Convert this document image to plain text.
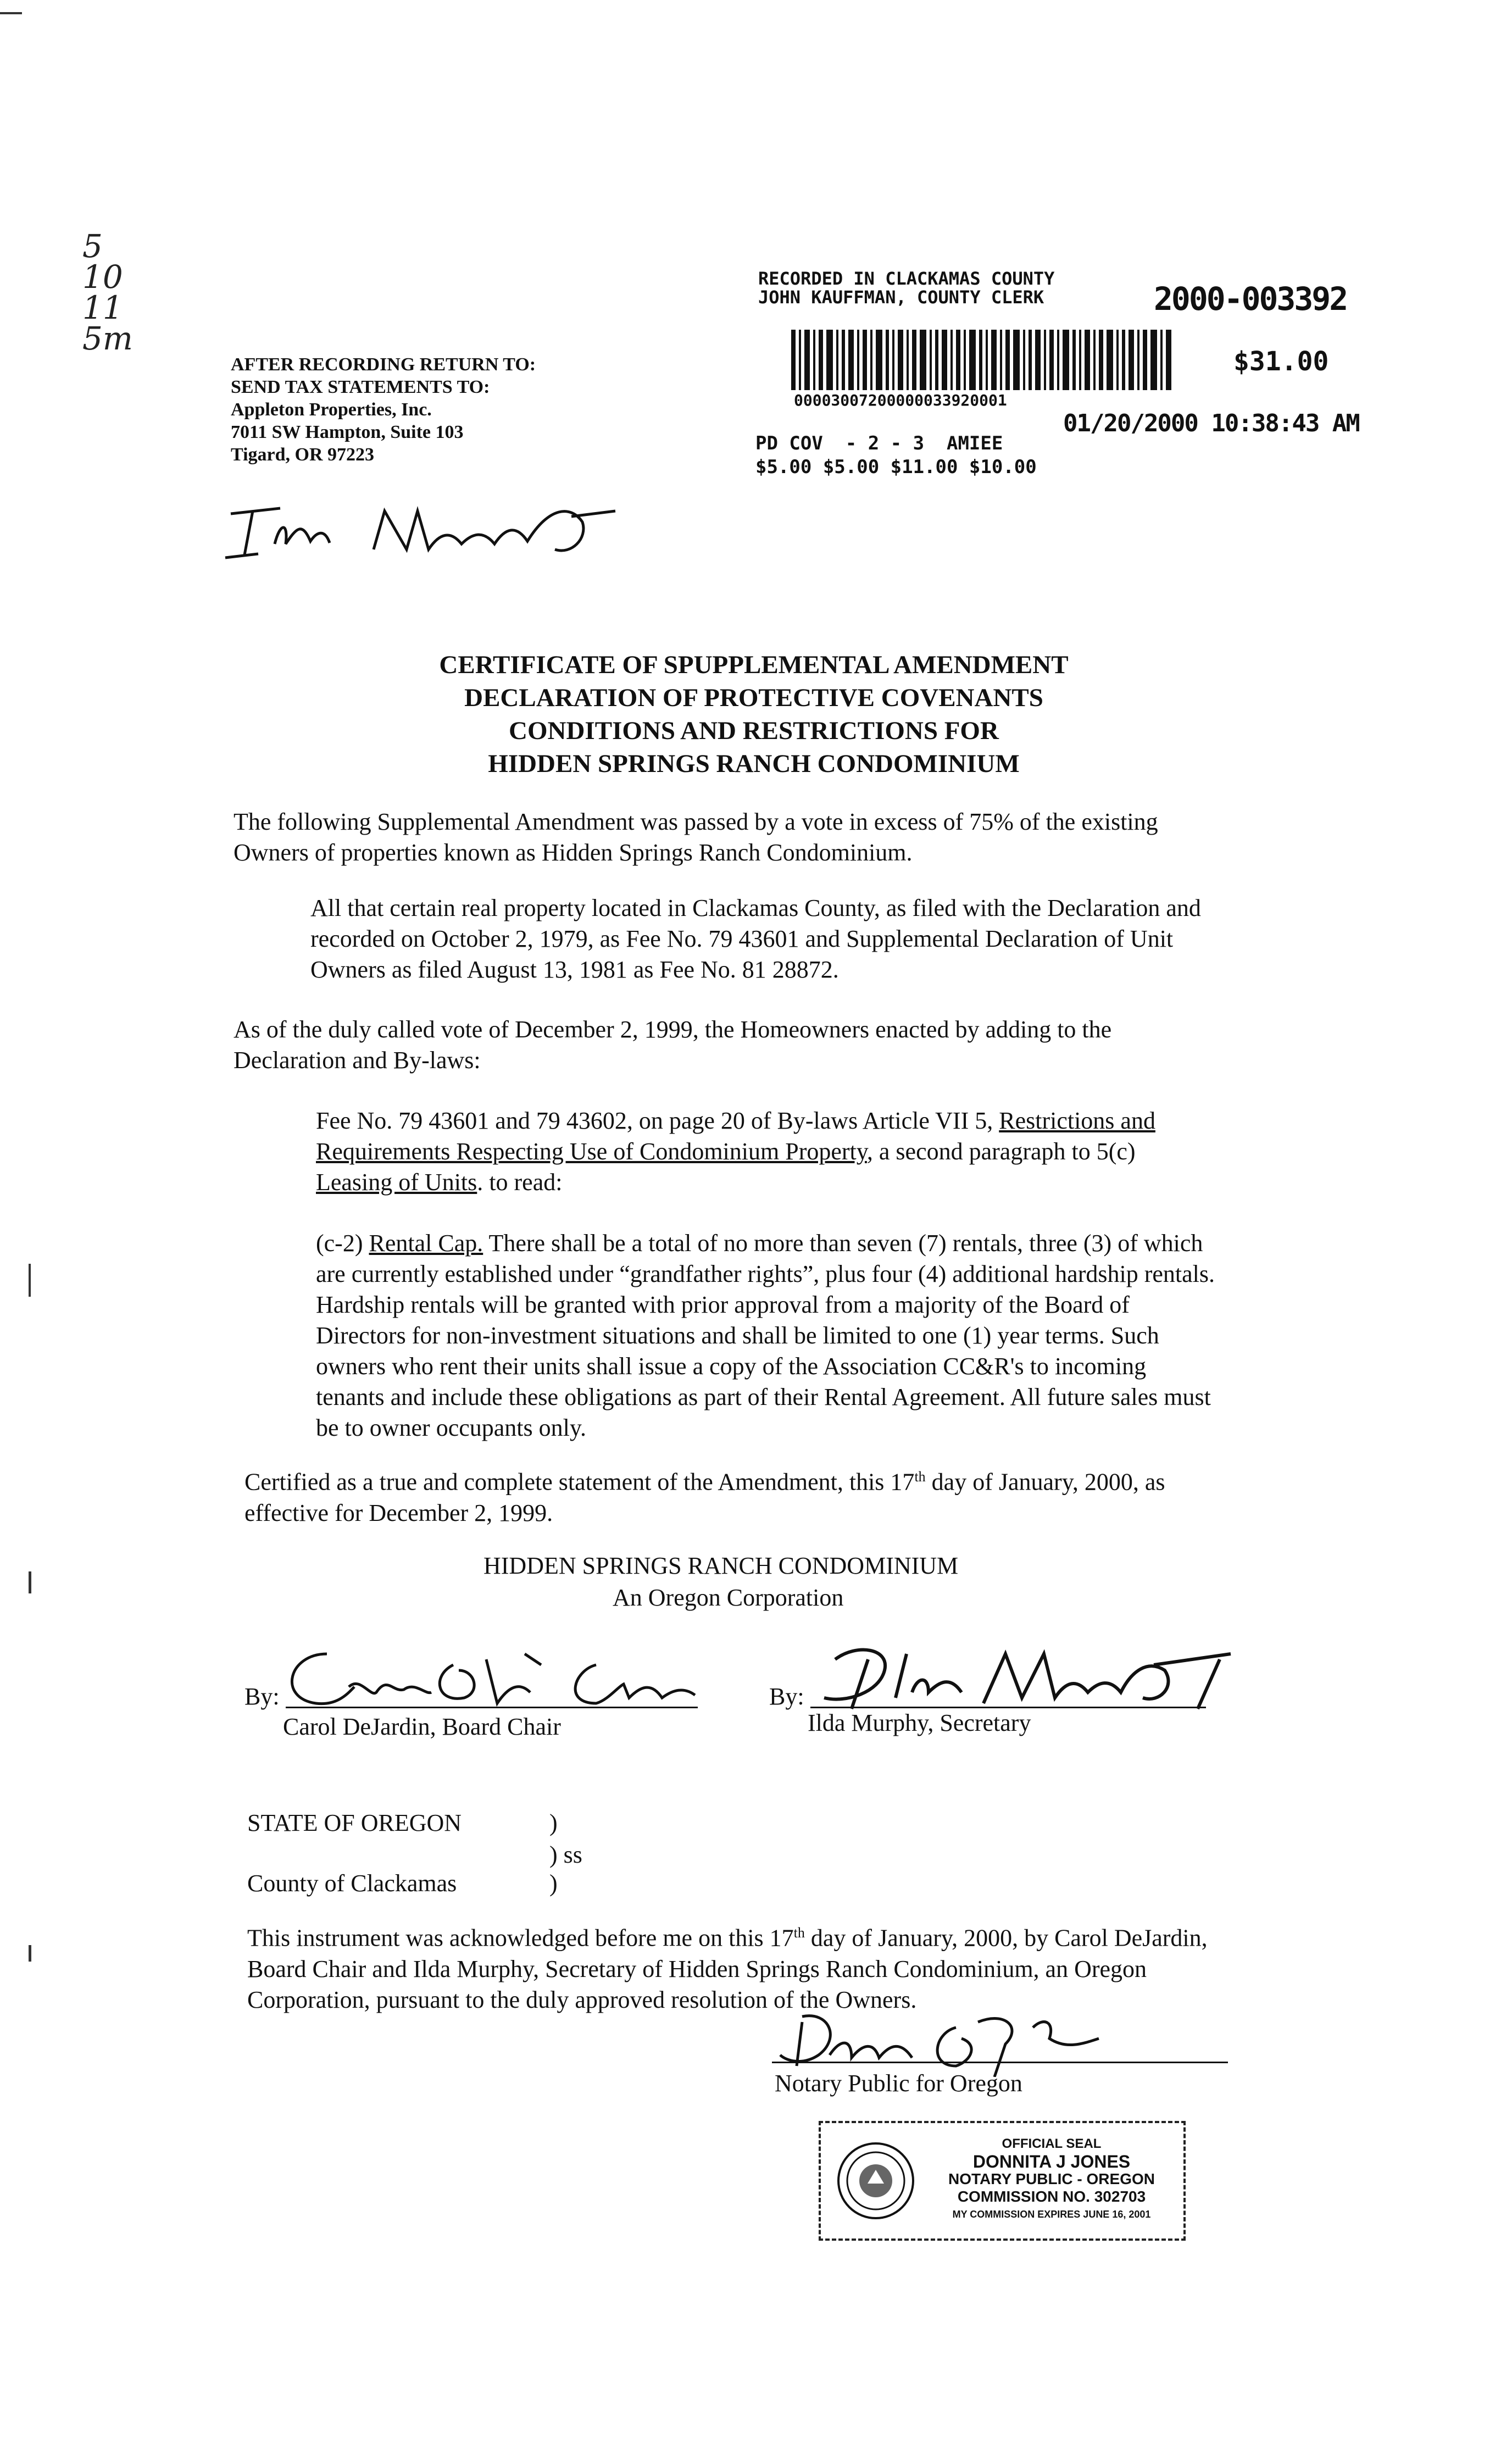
5
10
11
5m
AFTER RECORDING RETURN TO:
SEND TAX STATEMENTS TO:
Appleton Properties, Inc.
7011 SW Hampton, Suite 103
Tigard, OR 97223
RECORDED IN CLACKAMAS COUNTY
JOHN KAUFFMAN, COUNTY CLERK	2000-003392
00003007200000033920001
$31.00
01/20/2000 10:38:43 AM
PD COV  - 2 - 3  AMIEE
$5.00 $5.00 $11.00 $10.00
CERTIFICATE OF SPUPPLEMENTAL AMENDMENT
DECLARATION OF PROTECTIVE COVENANTS
CONDITIONS AND RESTRICTIONS FOR
HIDDEN SPRINGS RANCH CONDOMINIUM
The following Supplemental Amendment was passed by a vote in excess of 75% of the existing Owners of properties known as Hidden Springs Ranch Condominium.
All that certain real property located in Clackamas County, as filed with the Declaration and recorded on October 2, 1979, as Fee No. 79 43601 and Supplemental Declaration of Unit Owners as filed August 13, 1981 as Fee No. 81 28872.
As of the duly called vote of December 2, 1999, the Homeowners enacted by adding to the Declaration and By-laws:
Fee No. 79 43601 and 79 43602, on page 20 of By-laws Article VII 5, Restrictions and Requirements Respecting Use of Condominium Property, a second paragraph to 5(c) Leasing of Units. to read:
(c-2) Rental Cap. There shall be a total of no more than seven (7) rentals, three (3) of which are currently established under “grandfather rights”, plus four (4) additional hardship rentals. Hardship rentals will be granted with prior approval from a majority of the Board of Directors for non-investment situations and shall be limited to one (1) year terms. Such owners who rent their units shall issue a copy of the Association CC&R's to incoming tenants and include these obligations as part of their Rental Agreement. All future sales must be to owner occupants only.
Certified as a true and complete statement of the Amendment, this 17th day of January, 2000, as effective for December 2, 1999.
HIDDEN SPRINGS RANCH CONDOMINIUM
An Oregon Corporation
By:
Carol DeJardin, Board Chair
By:
Ilda Murphy, Secretary
STATE OF OREGON	)
) ss
County of Clackamas	)
This instrument was acknowledged before me on this 17th day of January, 2000, by Carol DeJardin, Board Chair and Ilda Murphy, Secretary of Hidden Springs Ranch Condominium, an Oregon Corporation, pursuant to the duly approved resolution of the Owners.
Notary Public for Oregon
OFFICIAL SEAL
DONNITA J JONES
NOTARY PUBLIC - OREGON
COMMISSION NO. 302703
MY COMMISSION EXPIRES JUNE 16, 2001
